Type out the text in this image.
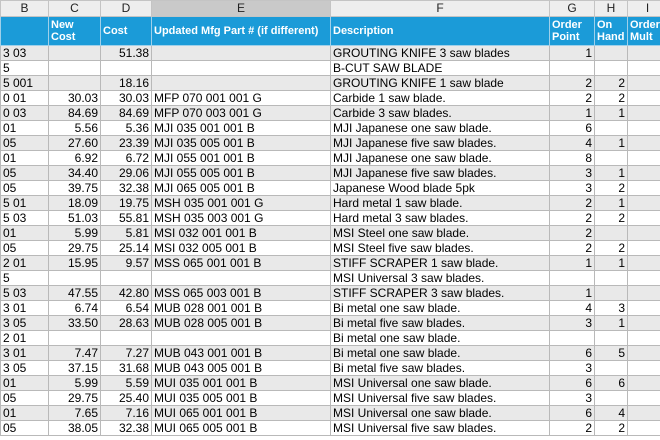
B	C	D	E	F	G	H	I
	New Cost	Cost	Updated Mfg Part # (if different)	Description	Order Point	On Hand	Order Mult
3 03		51.38		GROUTING KNIFE 3 saw blades	1		
5				B-CUT SAW BLADE			
5 001		18.16		GROUTING KNIFE 1 saw blade	2	2	
0 01	30.03	30.03	MFP 070 001 001 G	Carbide 1 saw blade.	2	2	
0 03	84.69	84.69	MFP 070 003 001 G	Carbide 3 saw blades.	1	1	
01	5.56	5.36	MJI 035 001 001 B	MJI Japanese one saw blade.	6		
05	27.60	23.39	MJI 035 005 001 B	MJI Japanese five saw blades.	4	1	
01	6.92	6.72	MJI 055 001 001 B	MJI Japanese one saw blade.	8		
05	34.40	29.06	MJI 055 005 001 B	MJI Japanese five saw blades.	3	1	
05	39.75	32.38	MJI 065 005 001 B	Japanese Wood blade 5pk	3	2	
5 01	18.09	19.75	MSH 035 001 001 G	Hard metal 1 saw blade.	2	1	
5 03	51.03	55.81	MSH 035 003 001 G	Hard metal 3 saw blades.	2	2	
01	5.99	5.81	MSI 032 001 001 B	MSI Steel one saw blade.	2		
05	29.75	25.14	MSI 032 005 001 B	MSI Steel five saw blades.	2	2	
2 01	15.95	9.57	MSS 065 001 001 B	STIFF SCRAPER 1 saw blade.	1	1	
5				MSI Universal 3 saw blades.			
5 03	47.55	42.80	MSS 065 003 001 B	STIFF SCRAPER 3 saw blades.	1		
3 01	6.74	6.54	MUB 028 001 001 B	Bi metal one saw blade.	4	3	
3 05	33.50	28.63	MUB 028 005 001 B	Bi metal five saw blades.	3	1	
2 01				Bi metal one saw blade.			
3 01	7.47	7.27	MUB 043 001 001 B	Bi metal one saw blade.	6	5	
3 05	37.15	31.68	MUB 043 005 001 B	Bi metal five saw blades.	3		
01	5.99	5.59	MUI 035 001 001 B	MSI Universal one saw blade.	6	6	
05	29.75	25.40	MUI 035 005 001 B	MSI Universal five saw blades.	3		
01	7.65	7.16	MUI 065 001 001 B	MSI Universal one saw blade.	6	4	
05	38.05	32.38	MUI 065 005 001 B	MSI Universal five saw blades.	2	2	
